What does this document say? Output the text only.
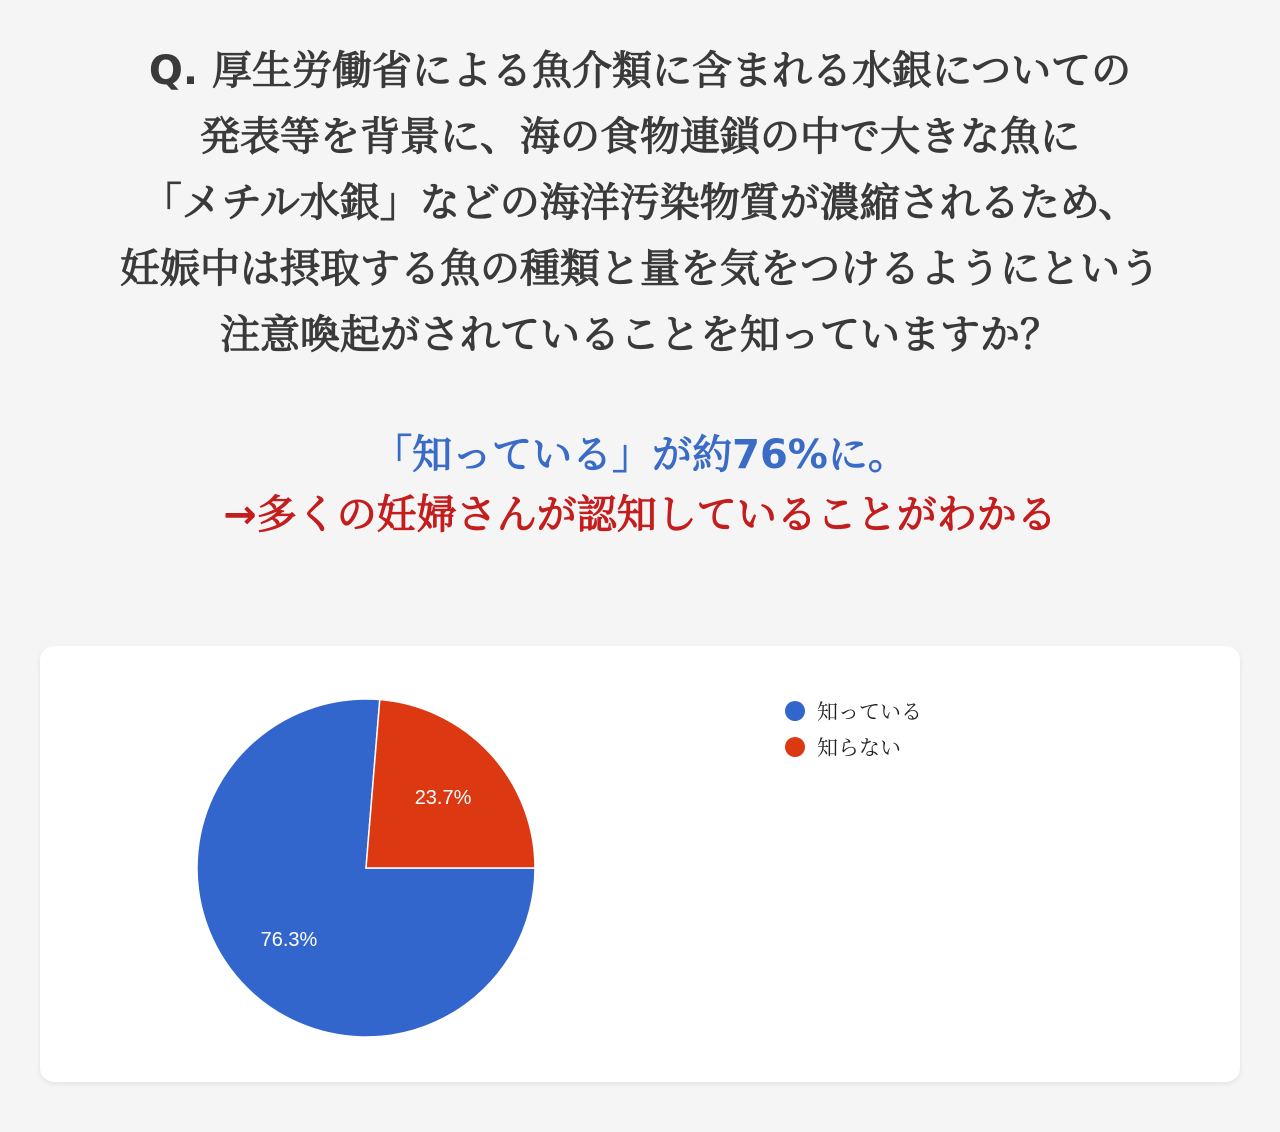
Q. 厚生労働省による魚介類に含まれる水銀についての
発表等を背景に、海の食物連鎖の中で大きな魚に
「メチル水銀」などの海洋汚染物質が濃縮されるため、
妊娠中は摂取する魚の種類と量を気をつけるようにという
注意喚起がされていることを知っていますか？
「知っている」が約76%に。
→多くの妊婦さんが認知していることがわかる
76.3%
23.7%
知っている
知らない
